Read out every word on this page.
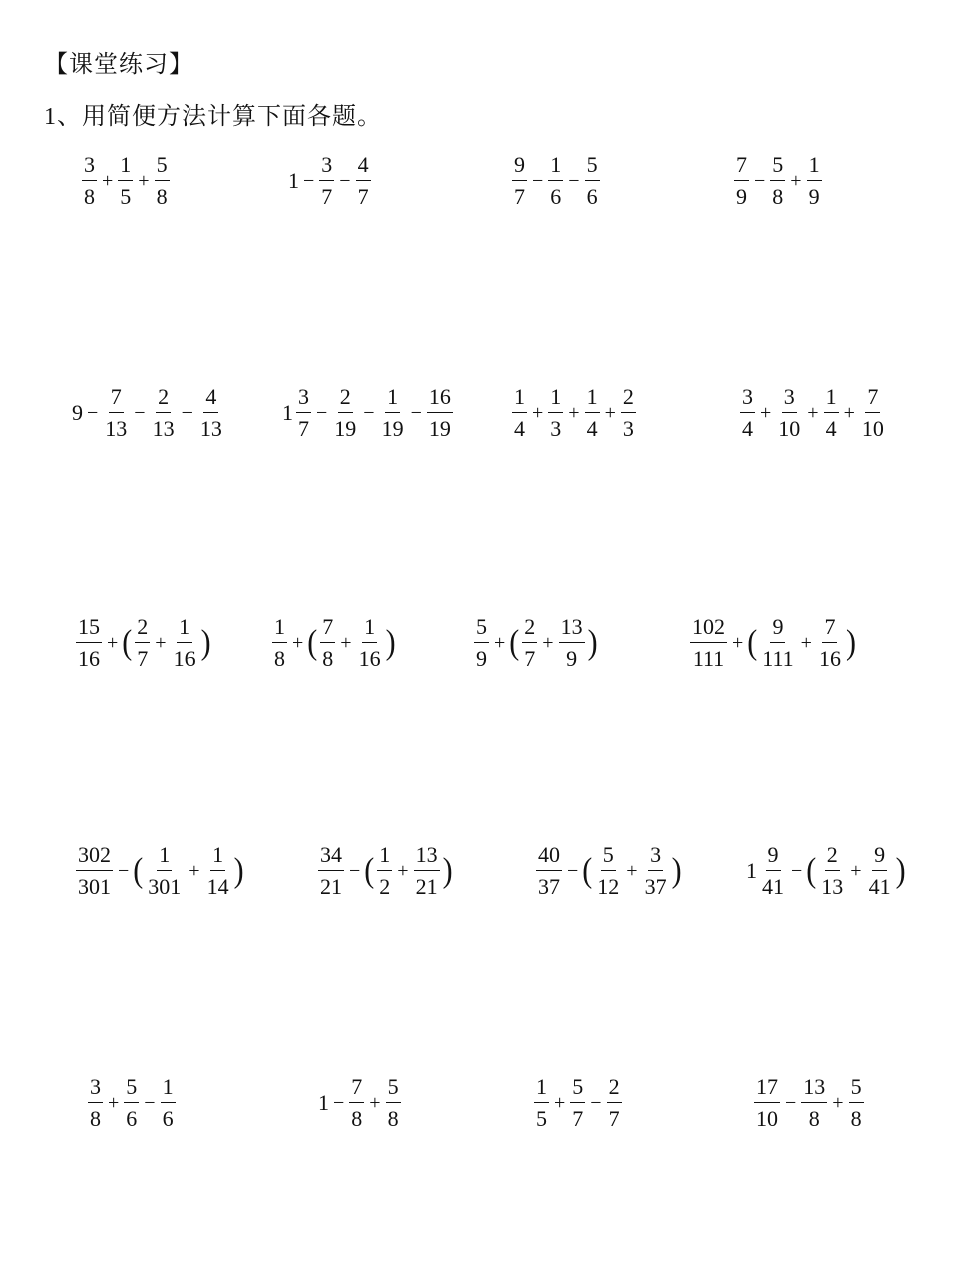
【课堂练习】
1、用简便方法计算下面各题。
$\frac{3}{8} + \frac{1}{5} + \frac{5}{8}$	$1 - \frac{3}{7} - \frac{4}{7}$	$\frac{9}{7} - \frac{1}{6} - \frac{5}{6}$	$\frac{7}{9} - \frac{5}{8} + \frac{1}{9}$
$9 - \frac{7}{13} - \frac{2}{13} - \frac{4}{13}$	$1 \frac{3}{7} - \frac{2}{19} - \frac{1}{19} - \frac{16}{19}$	$\frac{1}{4} + \frac{1}{3} + \frac{1}{4} + \frac{2}{3}$	$\frac{3}{4} + \frac{3}{10} + \frac{1}{4} + \frac{7}{10}$
$\frac{15}{16}$ + ( $\frac{2}{7} + \frac{1}{16}$ )	$\frac{1}{8}$ + ( $\frac{7}{8} + \frac{1}{16}$ )	$\frac{5}{9}$ + ( $\frac{2}{7} + \frac{13}{9}$ )	$\frac{102}{111}$ + ( $\frac{9}{111} + \frac{7}{16}$ )
$\frac{302}{301}$ − ( $\frac{1}{301} + \frac{1}{14}$ )	$\frac{34}{21}$ − ( $\frac{1}{2} + \frac{13}{21}$ )	$\frac{40}{37}$ − ( $\frac{5}{12} + \frac{3}{37}$ )	$1 \frac{9}{41}$ − ( $\frac{2}{13} + \frac{9}{41}$ )
$\frac{3}{8} + \frac{5}{6} - \frac{1}{6}$	$1 - \frac{7}{8} + \frac{5}{8}$	$\frac{1}{5} + \frac{5}{7} - \frac{2}{7}$	$\frac{17}{10} - \frac{13}{8} + \frac{5}{8}$
